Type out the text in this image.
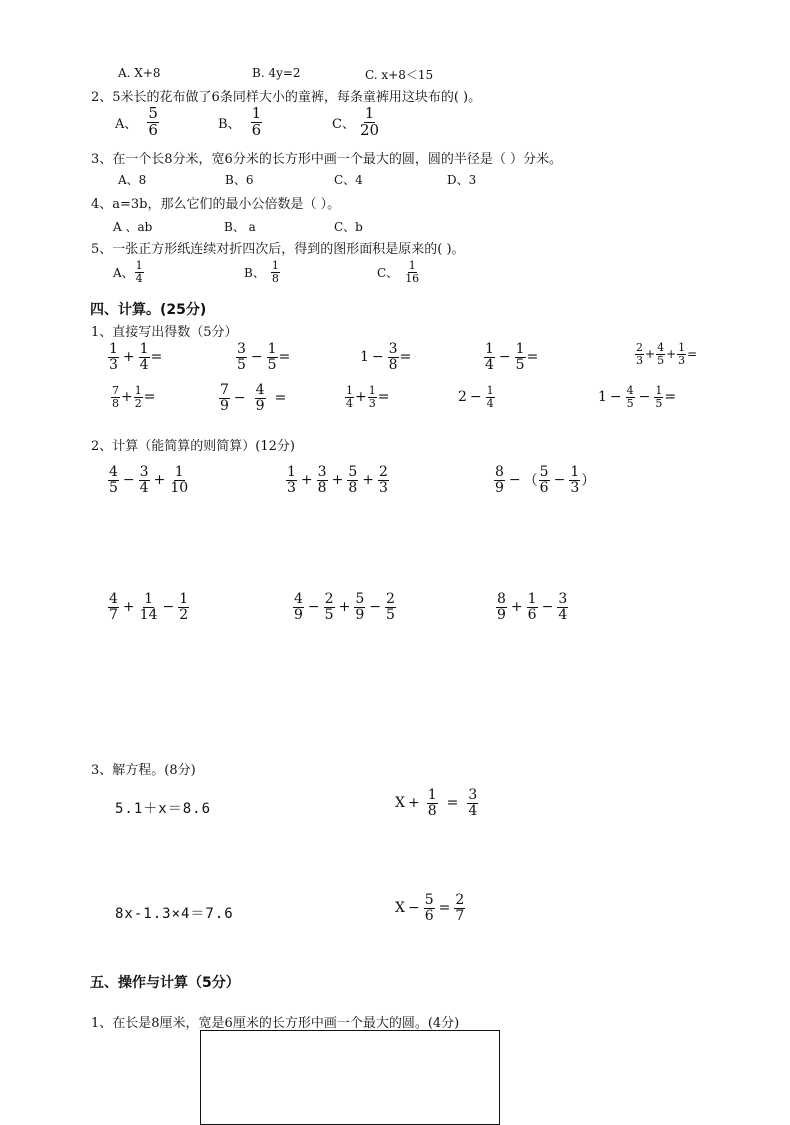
A. X+8	B. 4y=2	C. x+8＜15
2、5米长的花布做了6条同样大小的童裤，每条童裤用这块布的( )。
A、 $\frac{5}{6}$	B、 $\frac{1}{6}$	C、 $\frac{1}{20}$
3、在一个长8分米，宽6分米的长方形中画一个最大的圆，圆的半径是（ ）分米。
A、8	B、6	C、4	D、3
4、a=3b，那么它们的最小公倍数是（ ）。
A 、ab	B、 a	C、b
5、一张正方形纸连续对折四次后，得到的图形面积是原来的( )。
A、 $\frac{1}{4}$	B、 $\frac{1}{8}$	C、 $\frac{1}{16}$
四、计算。(25分)
1、直接写出得数（5分）
$\frac{1}{3} + \frac{1}{4}$ =	$\frac{3}{5} - \frac{1}{5}$ =	$1 - \frac{3}{8}$ =	$\frac{1}{4} - \frac{1}{5}$ =	$\frac{2}{3} + \frac{4}{5} + \frac{1}{3}$ =
$\frac{7}{8} + \frac{1}{2}$ =	$\frac{7}{9} - \frac{4}{9}$ =	$\frac{1}{4} + \frac{1}{3}$ =	$2 - \frac{1}{4}$	$1 - \frac{4}{5} - \frac{1}{5}$ =
2、计算（能简算的则简算）(12分)
$\frac{4}{5} - \frac{3}{4} + \frac{1}{10}$	$\frac{1}{3} + \frac{3}{8} + \frac{5}{8} + \frac{2}{3}$	$\frac{8}{9}$ − （ $\frac{5}{6} - \frac{1}{3}$ ）
$\frac{4}{7} + \frac{1}{14} - \frac{1}{2}$	$\frac{4}{9} - \frac{2}{5} + \frac{5}{9} - \frac{2}{5}$	$\frac{8}{9} + \frac{1}{6} - \frac{3}{4}$
3、解方程。(8分)
5.1＋x＝8.6	$X + \frac{1}{8} = \frac{3}{4}$
8x-1.3×4＝7.6	$X - \frac{5}{6} = \frac{2}{7}$
五、操作与计算（5分）
1、在长是8厘米，宽是6厘米的长方形中画一个最大的圆。(4分)
